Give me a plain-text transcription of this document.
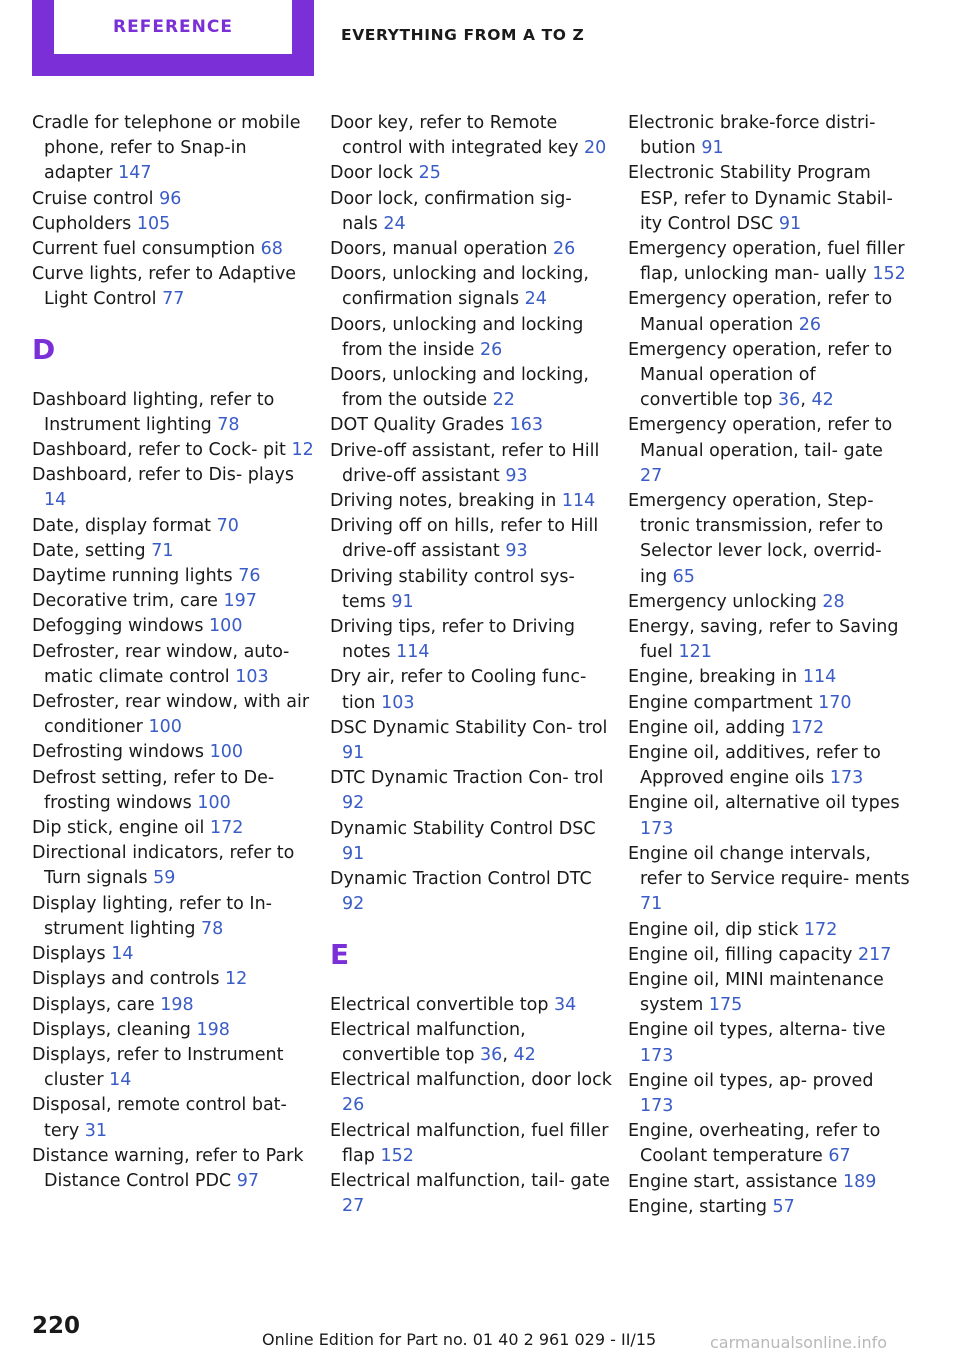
REFERENCE	EVERYTHING FROM A TO Z
Cradle for telephone or mobile phone, refer to Snap-in adapter 147
Cruise control 96
Cupholders 105
Current fuel consumption 68
Curve lights, refer to Adaptive Light Control 77
D
Dashboard lighting, refer to Instrument lighting 78
Dashboard, refer to Cock‐ pit 12
Dashboard, refer to Dis‐ plays 14
Date, display format 70
Date, setting 71
Daytime running lights 76
Decorative trim, care 197
Defogging windows 100
Defroster, rear window, auto‐ matic climate control 103
Defroster, rear window, with air conditioner 100
Defrosting windows 100
Defrost setting, refer to De‐ frosting windows 100
Dip stick, engine oil 172
Directional indicators, refer to Turn signals 59
Display lighting, refer to In‐ strument lighting 78
Displays 14
Displays and controls 12
Displays, care 198
Displays, cleaning 198
Displays, refer to Instrument cluster 14
Disposal, remote control bat‐ tery 31
Distance warning, refer to Park Distance Control PDC 97
Door key, refer to Remote control with integrated key 20
Door lock 25
Door lock, confirmation sig‐ nals 24
Doors, manual operation 26
Doors, unlocking and locking, confirmation signals 24
Doors, unlocking and locking from the inside 26
Doors, unlocking and locking, from the outside 22
DOT Quality Grades 163
Drive-off assistant, refer to Hill drive-off assistant 93
Driving notes, breaking in 114
Driving off on hills, refer to Hill drive-off assistant 93
Driving stability control sys‐ tems 91
Driving tips, refer to Driving notes 114
Dry air, refer to Cooling func‐ tion 103
DSC Dynamic Stability Con‐ trol 91
DTC Dynamic Traction Con‐ trol 92
Dynamic Stability Control DSC 91
Dynamic Traction Control DTC 92
E
Electrical convertible top 34
Electrical malfunction, convertible top 36, 42
Electrical malfunction, door lock 26
Electrical malfunction, fuel filler flap 152
Electrical malfunction, tail‐ gate 27
Electronic brake-force distri‐ bution 91
Electronic Stability Program ESP, refer to Dynamic Stabil‐ ity Control DSC 91
Emergency operation, fuel filler flap, unlocking man‐ ually 152
Emergency operation, refer to Manual operation 26
Emergency operation, refer to Manual operation of convertible top 36, 42
Emergency operation, refer to Manual operation, tail‐ gate 27
Emergency operation, Step‐ tronic transmission, refer to Selector lever lock, overrid‐ ing 65
Emergency unlocking 28
Energy, saving, refer to Saving fuel 121
Engine, breaking in 114
Engine compartment 170
Engine oil, adding 172
Engine oil, additives, refer to Approved engine oils 173
Engine oil, alternative oil types 173
Engine oil change intervals, refer to Service require‐ ments 71
Engine oil, dip stick 172
Engine oil, filling capacity 217
Engine oil, MINI maintenance system 175
Engine oil types, alterna‐ tive 173
Engine oil types, ap‐ proved 173
Engine, overheating, refer to Coolant temperature 67
Engine start, assistance 189
Engine, starting 57
220
Online Edition for Part no. 01 40 2 961 029 - II/15	carmanualsonline.info
